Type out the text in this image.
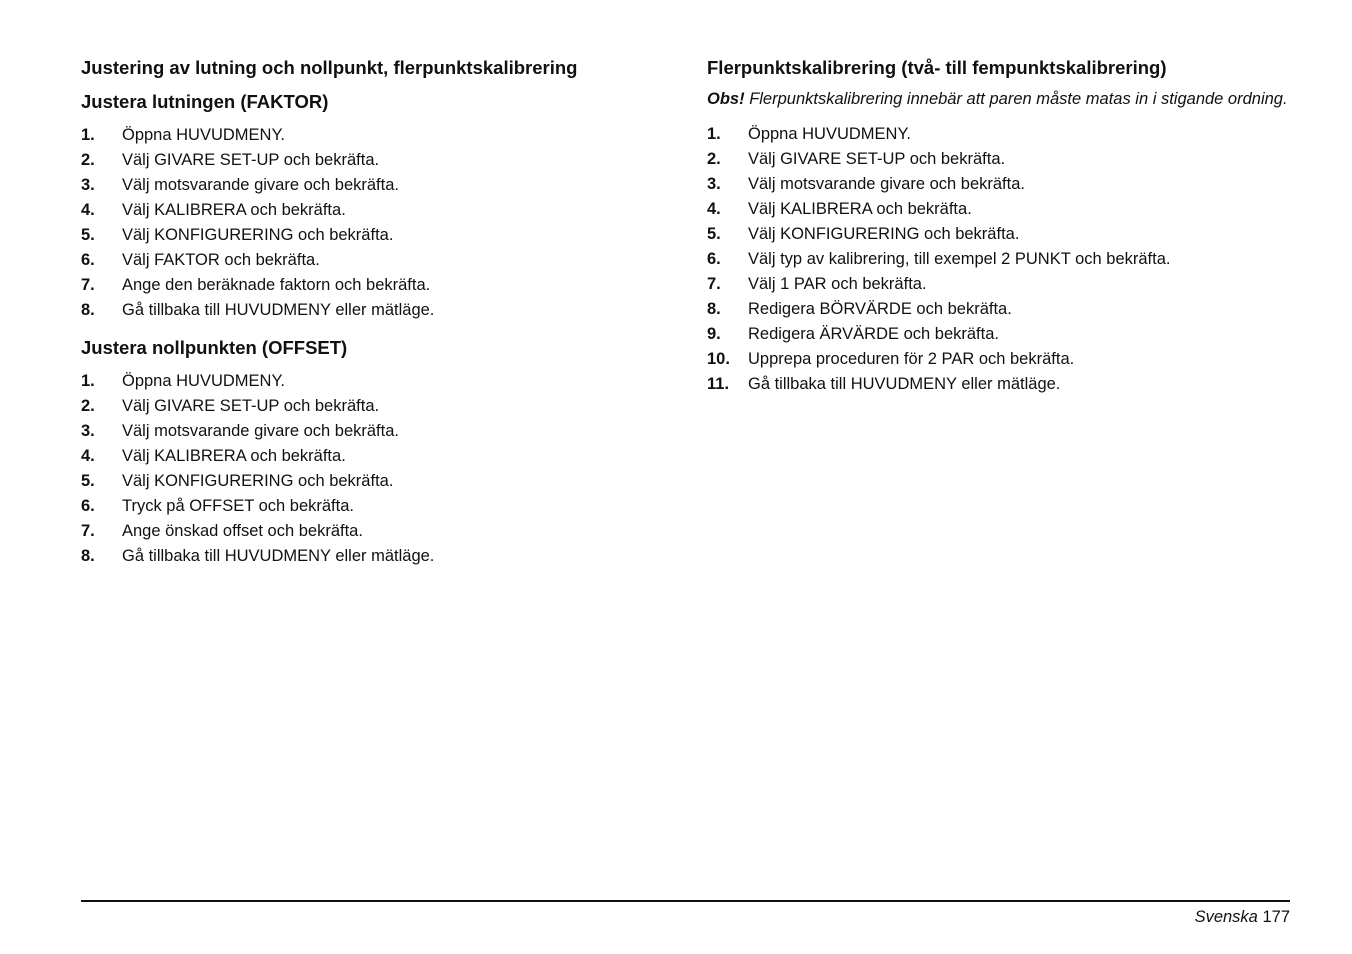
Justering av lutning och nollpunkt, flerpunktskalibrering
Justera lutningen (FAKTOR)
1. Öppna HUVUDMENY.
2. Välj GIVARE SET-UP och bekräfta.
3. Välj motsvarande givare och bekräfta.
4. Välj KALIBRERA och bekräfta.
5. Välj KONFIGURERING och bekräfta.
6. Välj FAKTOR och bekräfta.
7. Ange den beräknade faktorn och bekräfta.
8. Gå tillbaka till HUVUDMENY eller mätläge.
Justera nollpunkten (OFFSET)
1. Öppna HUVUDMENY.
2. Välj GIVARE SET-UP och bekräfta.
3. Välj motsvarande givare och bekräfta.
4. Välj KALIBRERA och bekräfta.
5. Välj KONFIGURERING och bekräfta.
6. Tryck på OFFSET och bekräfta.
7. Ange önskad offset och bekräfta.
8. Gå tillbaka till HUVUDMENY eller mätläge.
Flerpunktskalibrering (två- till fempunktskalibrering)

Obs! Flerpunktskalibrering innebär att paren måste matas in i stigande ordning.

1. Öppna HUVUDMENY.
2. Välj GIVARE SET-UP och bekräfta.
3. Välj motsvarande givare och bekräfta.
4. Välj KALIBRERA och bekräfta.
5. Välj KONFIGURERING och bekräfta.
6. Välj typ av kalibrering, till exempel 2 PUNKT och bekräfta.
7. Välj 1 PAR och bekräfta.
8. Redigera BÖRVÄRDE och bekräfta.
9. Redigera ÄRVÄRDE och bekräfta.
10. Upprepa proceduren för 2 PAR och bekräfta.
11. Gå tillbaka till HUVUDMENY eller mätläge.
Svenska 177
